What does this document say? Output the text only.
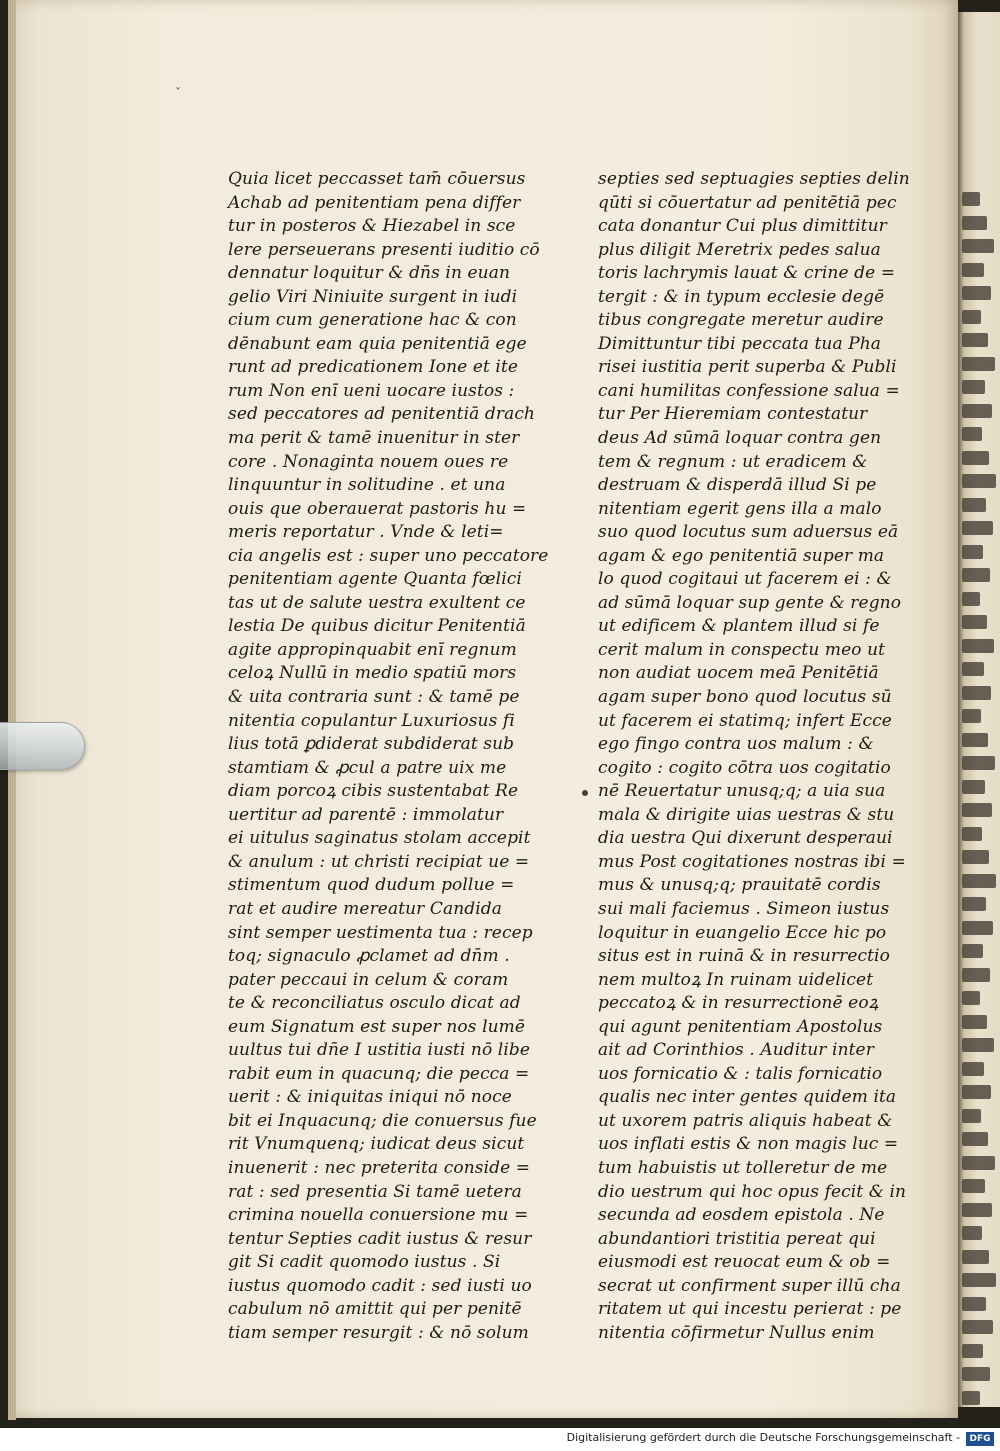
ˇ
Quia licet peccasset tam̄ cōuersus
Achab ad penitentiam pena differ
tur in posteros & Hiezabel in sce
lere perseuerans presenti iuditio cō
dennatur loquitur & dn̄s in euan
gelio Viri Niniuite surgent in iudi
cium cum generatione hac & con
dēnabunt eam quia penitentiā ege
runt ad predicationem Ione et ite
rum Non enī ueni uocare iustos :
sed peccatores ad penitentiā drach
ma perit & tamē inuenitur in ster
core . Nonaginta nouem oues re
linquuntur in solitudine . et una
ouis que oberauerat pastoris hu =
meris reportatur . Vnde & leti=
cia angelis est : super uno peccatore
penitentiam agente Quanta fœlici
tas ut de salute uestra exultent ce
lestia De quibus dicitur Penitentiā
agite appropinquabit enī regnum
celoꝝ Nullū in medio spatiū mors
& uita contraria sunt : & tamē pe
nitentia copulantur Luxuriosus fi
lius totā ꝑdiderat subdiderat sub
stamtiam & ꝓcul a patre uix me
diam porcoꝝ cibis sustentabat Re
uertitur ad parentē : immolatur
ei uitulus saginatus stolam accepit
& anulum : ut christi recipiat ue =
stimentum quod dudum polluе =
rat et audire mereatur Candida
sint semper uestimenta tua : recep
toq; signaculo ꝓclamet ad dn̄m .
pater peccaui in celum & coram
te & reconciliatus osculo dicat ad
eum Signatum est super nos lumē
uultus tui dn̄e I ustitia iusti nō libe
rabit eum in quacunq; die pecca =
uerit : & iniquitas iniqui nō noce
bit ei Inquacunq; die conuersus fue
rit Vnumquenq; iudicat deus sicut
inuenerit : nec preterita conside =
rat : sed presentia Si tamē uetera
crimina nouella conuersione mu =
tentur Septies cadit iustus & resur
git Si cadit quomodo iustus . Si
iustus quomodo cadit : sed iusti uo
cabulum nō amittit qui per penitē
tiam semper resurgit : & nō solum
septies sed septuagies septies delin
qūti si cōuertatur ad penitētiā pec
cata donantur Cui plus dimittitur
plus diligit Meretrix pedes salua
toris lachrymis lauat & crine de =
tergit : & in typum ecclesie degē
tibus congregate meretur audire
Dimittuntur tibi peccata tua Pha
risei iustitia perit superba & Publi
cani humilitas confessione salua =
tur Per Hieremiam contestatur
deus Ad sūmā loquar contra gen
tem & regnum : ut eradicem &
destruam & disperdā illud Si pe
nitentiam egerit gens illa a malo
suo quod locutus sum aduersus eā
agam & ego penitentiā super ma
lo quod cogitaui ut facerem ei : &
ad sūmā loquar sup gente & regno
ut edificem & plantem illud si fe
cerit malum in conspectu meo ut
non audiat uocem meā Penitētiā
agam super bono quod locutus sū
ut facerem ei statimq; infert Ecce
ego fingo contra uos malum : &
cogito : cogito cōtra uos cogitatio
nē Reuertatur unusq;q; a uia sua
mala & dirigite uias uestras & stu
dia uestra Qui dixerunt desperaui
mus Post cogitationes nostras ibi =
mus & unusq;q; prauitatē cordis
sui mali faciemus . Simeon iustus
loquitur in euangelio Ecce hic po
situs est in ruinā & in resurrectio
nem multoꝝ In ruinam uidelicet
peccatoꝝ & in resurrectionē eoꝝ
qui agunt penitentiam Apostolus
ait ad Corinthios . Auditur inter
uos fornicatio & : talis fornicatio
qualis nec inter gentes quidem ita
ut uxorem patris aliquis habeat &
uos inflati estis & non magis luc =
tum habuistis ut tolleretur de me
dio uestrum qui hoc opus fecit & in
secunda ad eosdem epistola . Ne
abundantiori tristitia pereat qui
eiusmodi est reuocat eum & ob =
secrat ut confirment super illū cha
ritatem ut qui incestu perierat : pe
nitentia cōfirmetur Nullus enim
Digitalisierung gefördert durch die Deutsche Forschungsgemeinschaft -	DFG
